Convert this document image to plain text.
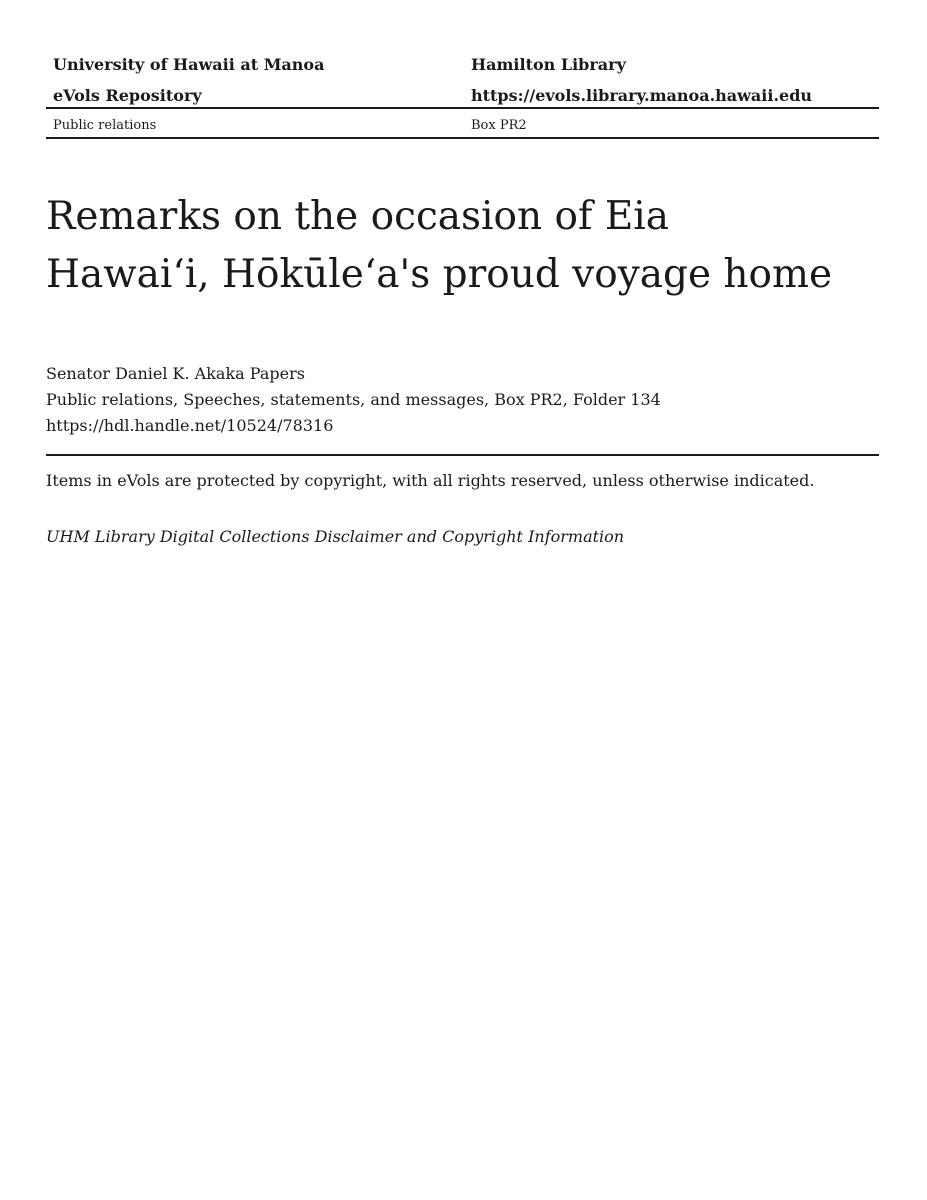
University of Hawaii at Manoa	Hamilton Library
eVols Repository	https://evols.library.manoa.hawaii.edu
Public relations	Box PR2
Remarks on the occasion of Eia
Hawaiʻi, Hōkūleʻa's proud voyage home
Senator Daniel K. Akaka Papers
Public relations, Speeches, statements, and messages, Box PR2, Folder 134
https://hdl.handle.net/10524/78316
Items in eVols are protected by copyright, with all rights reserved, unless otherwise indicated.
UHM Library Digital Collections Disclaimer and Copyright Information
